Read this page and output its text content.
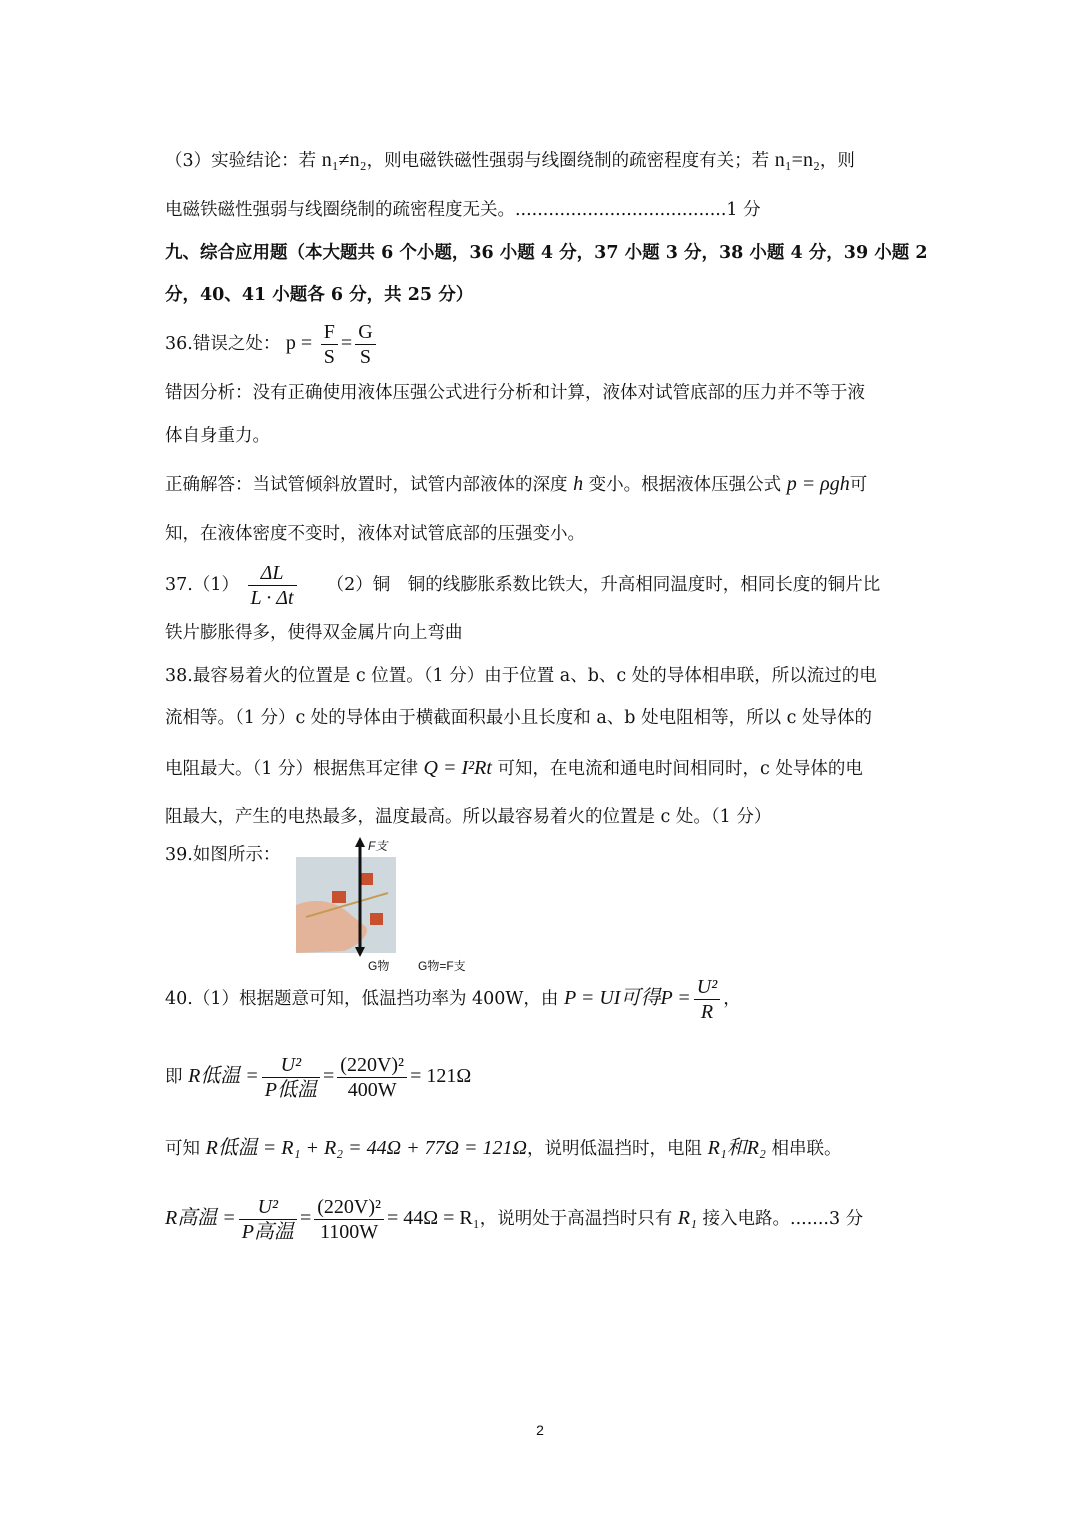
（3）实验结论：若 n₁≠n₂，则电磁铁磁性强弱与线圈绕制的疏密程度有关；若 n₁=n₂，则
电磁铁磁性强弱与线圈绕制的疏密程度无关。......................................1 分
九、综合应用题（本大题共 6 个小题，36 小题 4 分，37 小题 3 分，38 小题 4 分，39 小题 2
分，40、41 小题各 6 分，共 25 分）
36.错误之处： $p = \frac{F}{S} = \frac{G}{S}$
错因分析：没有正确使用液体压强公式进行分析和计算，液体对试管底部的压力并不等于液
体自身重力。
正确解答：当试管倾斜放置时，试管内部液体的深度 h 变小。根据液体压强公式 p = ρgh可
知，在液体密度不变时，液体对试管底部的压强变小。
$37.(1) \frac{\Delta L}{L \cdot \Delta t} (2)$铜　铜的线膨胀系数比铁大，升高相同温度时，相同长度的铜片比
铁片膨胀得多，使得双金属片向上弯曲
38.最容易着火的位置是 c 位置。（1 分）由于位置 a、b、c 处的导体相串联，所以流过的电
流相等。（1 分）c 处的导体由于横截面积最小且长度和 a、b 处电阻相等，所以 c 处导体的
电阻最大。（1 分）根据焦耳定律 Q = I²Rt 可知，在电流和通电时间相同时，c 处导体的电
阻最大，产生的电热最多，温度最高。所以最容易着火的位置是 c 处。（1 分）
39.如图所示：	F支
G物 G物=F支
40.（1）根据题意可知，低温挡功率为 400W，由 P = UI可得$P = \frac{\text{U²}}{R}$ ，
即 R低温 = $\frac{\text{U²}}{\text{P低温}} = \frac{\text{(220V)²}}{400W} = 121\Omega$
可知 R低温 = R₁ + R₂ = 44Ω + 77Ω = 121Ω，说明低温挡时，电阻 R₁和R₂ 相串联。
R高温 = $\frac{\text{U²}}{\text{P高温}} = \frac{\text{(220V)²}}{1100W} = 44\Omega = R_1$，说明处于高温挡时只有 R₁ 接入电路。.......3 分
2
